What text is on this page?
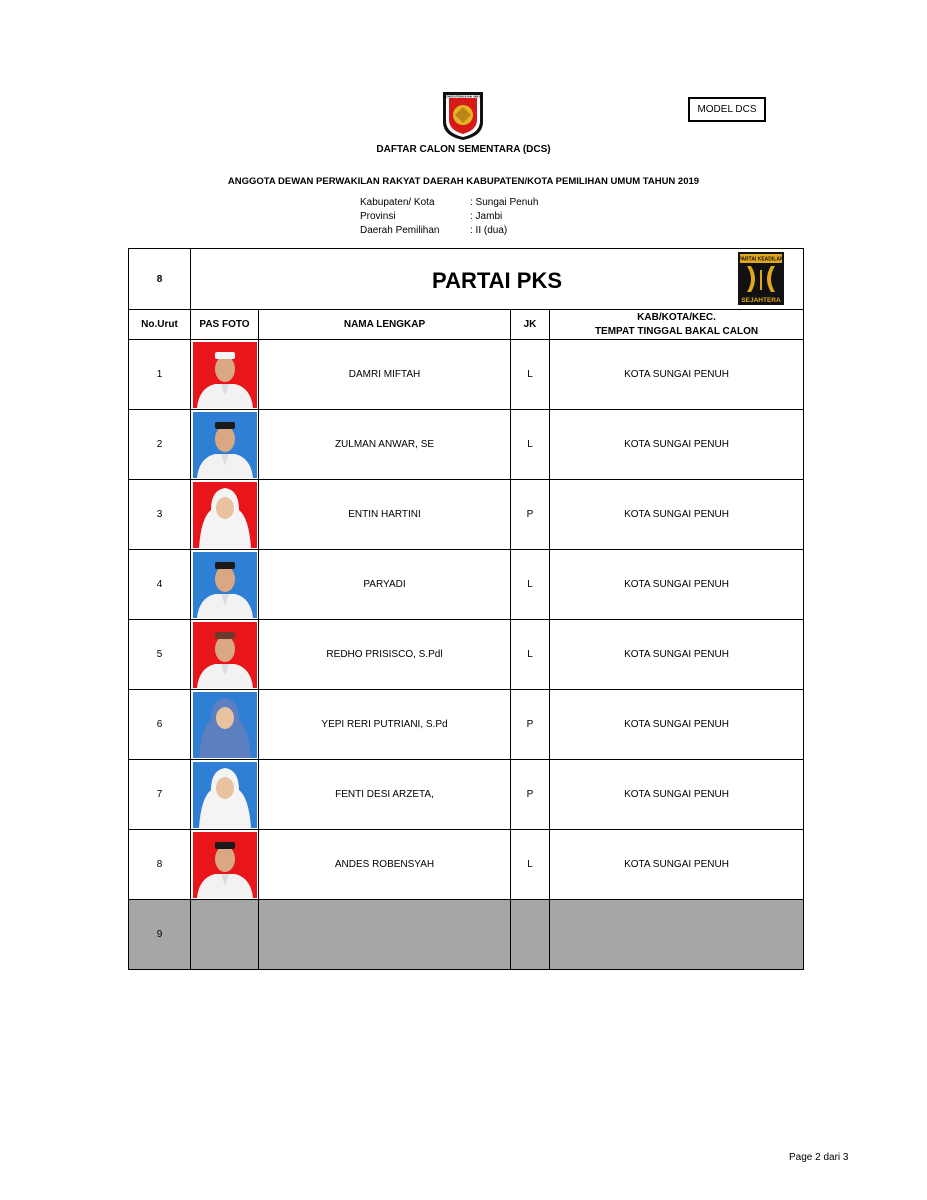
KOMISI PEMILIHAN UMUM
MODEL DCS
DAFTAR CALON SEMENTARA (DCS)
ANGGOTA DEWAN PERWAKILAN RAKYAT DAERAH KABUPATEN/KOTA PEMILIHAN UMUM TAHUN 2019
Kabupaten/ Kota	: Sungai Penuh
Provinsi	: Jambi
Daerah Pemilihan	: II (dua)
8	PARTAI PKS
PARTAI KEADILAN
SEJAHTERA			

No.Urut	PAS FOTO	NAMA LENGKAP	JK	KAB/KOTA/KEC.
TEMPAT TINGGAL BAKAL CALON

1		DAMRI MIFTAH	L	KOTA SUNGAI PENUH
2		ZULMAN ANWAR, SE	L	KOTA SUNGAI PENUH
3		ENTIN HARTINI	P	KOTA SUNGAI PENUH
4		PARYADI	L	KOTA SUNGAI PENUH
5		REDHO PRISISCO, S.Pdl	L	KOTA SUNGAI PENUH
6		YEPI RERI PUTRIANI, S.Pd	P	KOTA SUNGAI PENUH
7		FENTI DESI ARZETA,	P	KOTA SUNGAI PENUH
8		ANDES ROBENSYAH	L	KOTA SUNGAI PENUH
9				
Page 2 dari 3
